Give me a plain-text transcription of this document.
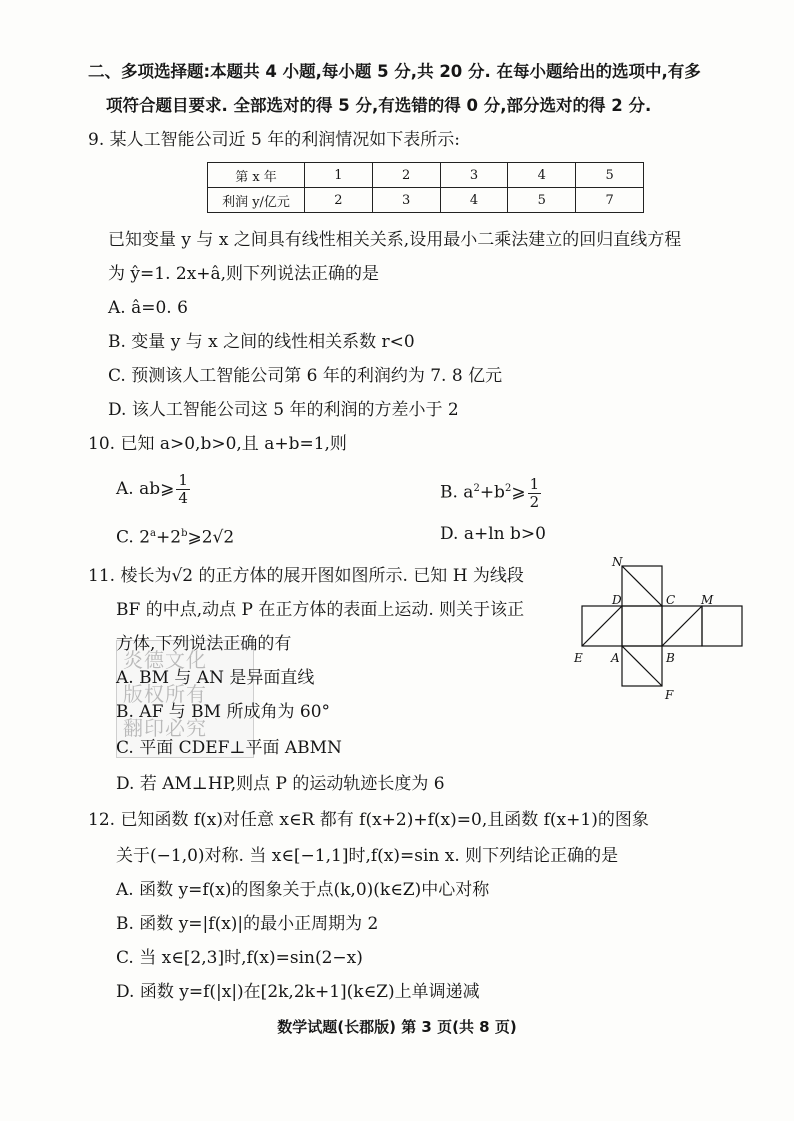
二、多项选择题:本题共 4 小题,每小题 5 分,共 20 分. 在每小题给出的选项中,有多
项符合题目要求. 全部选对的得 5 分,有选错的得 0 分,部分选对的得 2 分.
9. 某人工智能公司近 5 年的利润情况如下表所示:
第 x 年	1	2	3	4	5
利润 y/亿元	2	3	4	5	7
已知变量 y 与 x 之间具有线性相关关系,设用最小二乘法建立的回归直线方程
为 ŷ=1. 2x+â,则下列说法正确的是
A. â=0. 6
B. 变量 y 与 x 之间的线性相关系数 r<0
C. 预测该人工智能公司第 6 年的利润约为 7. 8 亿元
D. 该人工智能公司这 5 年的利润的方差小于 2
10. 已知 a>0,b>0,且 a+b=1,则
A. ab⩾ $\frac{1}{4}$	B. $a^2+b^2⩾ \frac{1}{2}$
C. $2^a+2^b⩾2√2$	D. a+ln b>0
11. 棱长为√2 的正方体的展开图如图所示. 已知 H 为线段
BF 的中点,动点 P 在正方体的表面上运动. 则关于该正
炎德文化
版权所有
翻印必究
方体,下列说法正确的有
A. BM 与 AN 是异面直线
B. AF 与 BM 所成角为 60°
C. 平面 CDEF⊥平面 ABMN
D. 若 AM⊥HP,则点 P 的运动轨迹长度为 6
N
D	C M
E A	B
F
12. 已知函数 f(x)对任意 x∈R 都有 f(x+2)+f(x)=0,且函数 f(x+1)的图象
关于(−1,0)对称. 当 x∈[−1,1]时,f(x)=sin x. 则下列结论正确的是
A. 函数 y=f(x)的图象关于点(k,0)(k∈Z)中心对称
B. 函数 y=|f(x)|的最小正周期为 2
C. 当 x∈[2,3]时,f(x)=sin(2−x)
D. 函数 y=f(|x|)在[2k,2k+1](k∈Z)上单调递减
数学试题(长郡版) 第 3 页(共 8 页)
